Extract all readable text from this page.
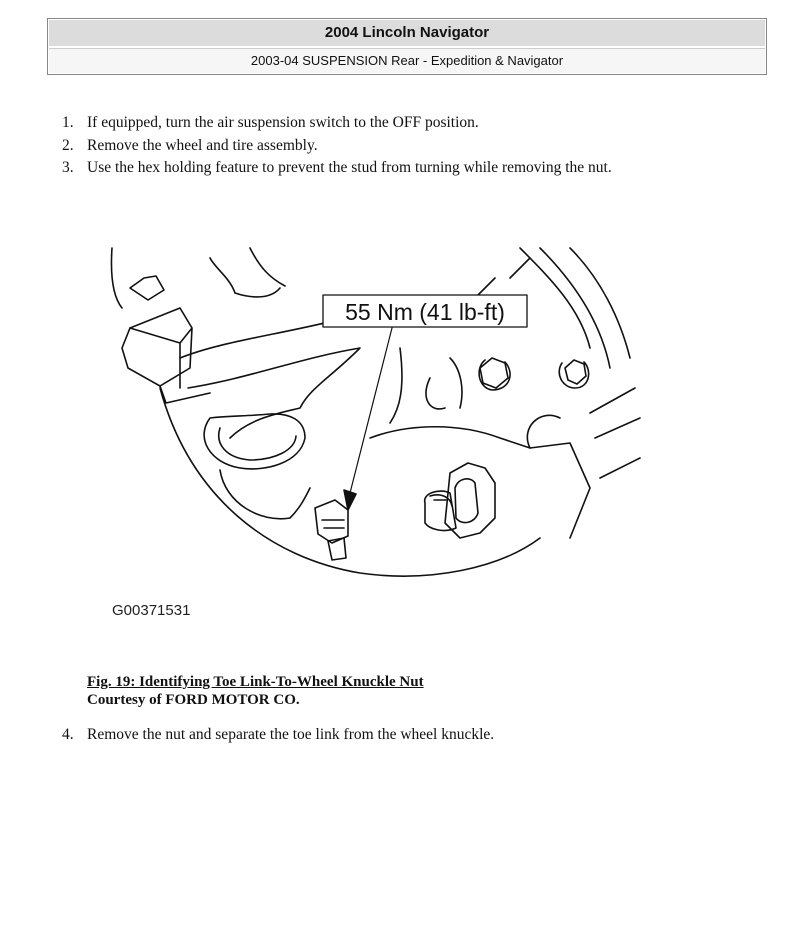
2004 Lincoln Navigator
2003-04 SUSPENSION Rear - Expedition & Navigator
1. If equipped, turn the air suspension switch to the OFF position.
2. Remove the wheel and tire assembly.
3. Use the hex holding feature to prevent the stud from turning while removing the nut.
55 Nm (41 lb-ft)
G00371531
Fig. 19: Identifying Toe Link-To-Wheel Knuckle Nut
Courtesy of FORD MOTOR CO.
4. Remove the nut and separate the toe link from the wheel knuckle.
